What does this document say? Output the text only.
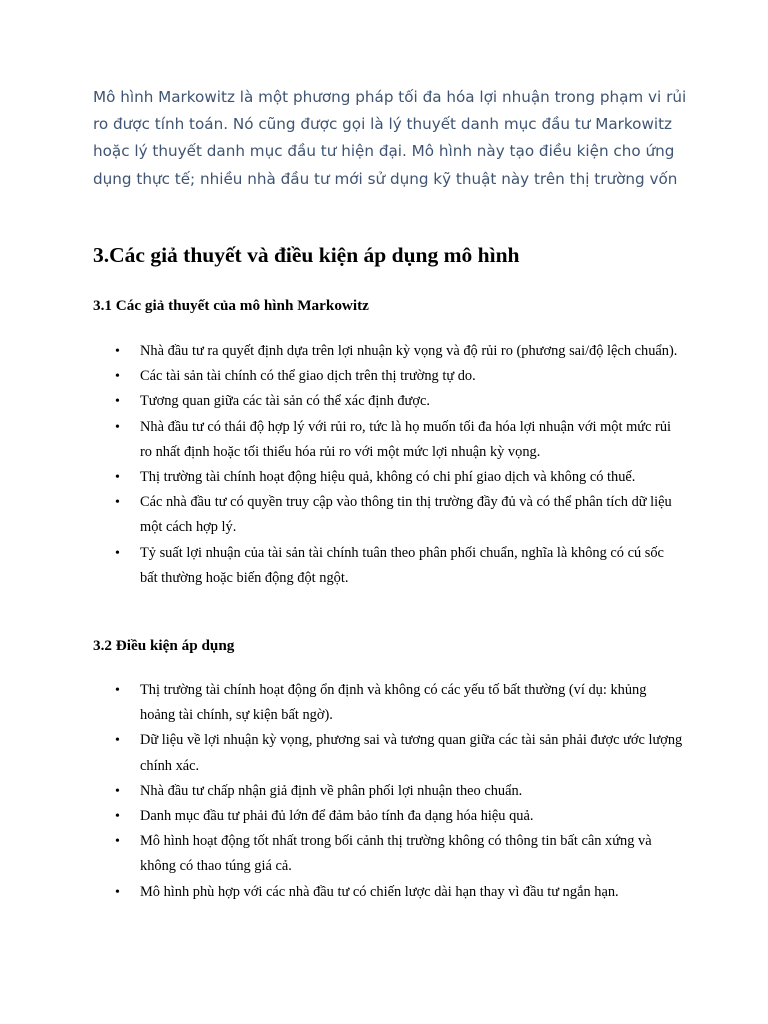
Mô hình Markowitz là một phương pháp tối đa hóa lợi nhuận trong phạm vi rủi ro được tính toán. Nó cũng được gọi là lý thuyết danh mục đầu tư Markowitz hoặc lý thuyết danh mục đầu tư hiện đại. Mô hình này tạo điều kiện cho ứng dụng thực tế; nhiều nhà đầu tư mới sử dụng kỹ thuật này trên thị trường vốn

3.Các giả thuyết và điều kiện áp dụng mô hình
3.1 Các giả thuyết của mô hình Markowitz
• Nhà đầu tư ra quyết định dựa trên lợi nhuận kỳ vọng và độ rủi ro (phương sai/độ lệch chuẩn).
• Các tài sản tài chính có thể giao dịch trên thị trường tự do.
• Tương quan giữa các tài sản có thể xác định được.
• Nhà đầu tư có thái độ hợp lý với rủi ro, tức là họ muốn tối đa hóa lợi nhuận với một mức rủi ro nhất định hoặc tối thiểu hóa rủi ro với một mức lợi nhuận kỳ vọng.
• Thị trường tài chính hoạt động hiệu quả, không có chi phí giao dịch và không có thuế.
• Các nhà đầu tư có quyền truy cập vào thông tin thị trường đầy đủ và có thể phân tích dữ liệu một cách hợp lý.
• Tỷ suất lợi nhuận của tài sản tài chính tuân theo phân phối chuẩn, nghĩa là không có cú sốc bất thường hoặc biến động đột ngột.
3.2 Điều kiện áp dụng
• Thị trường tài chính hoạt động ổn định và không có các yếu tố bất thường (ví dụ: khủng hoảng tài chính, sự kiện bất ngờ).
• Dữ liệu về lợi nhuận kỳ vọng, phương sai và tương quan giữa các tài sản phải được ước lượng chính xác.
• Nhà đầu tư chấp nhận giả định về phân phối lợi nhuận theo chuẩn.
• Danh mục đầu tư phải đủ lớn để đảm bảo tính đa dạng hóa hiệu quả.
• Mô hình hoạt động tốt nhất trong bối cảnh thị trường không có thông tin bất cân xứng và không có thao túng giá cả.
• Mô hình phù hợp với các nhà đầu tư có chiến lược dài hạn thay vì đầu tư ngắn hạn.
